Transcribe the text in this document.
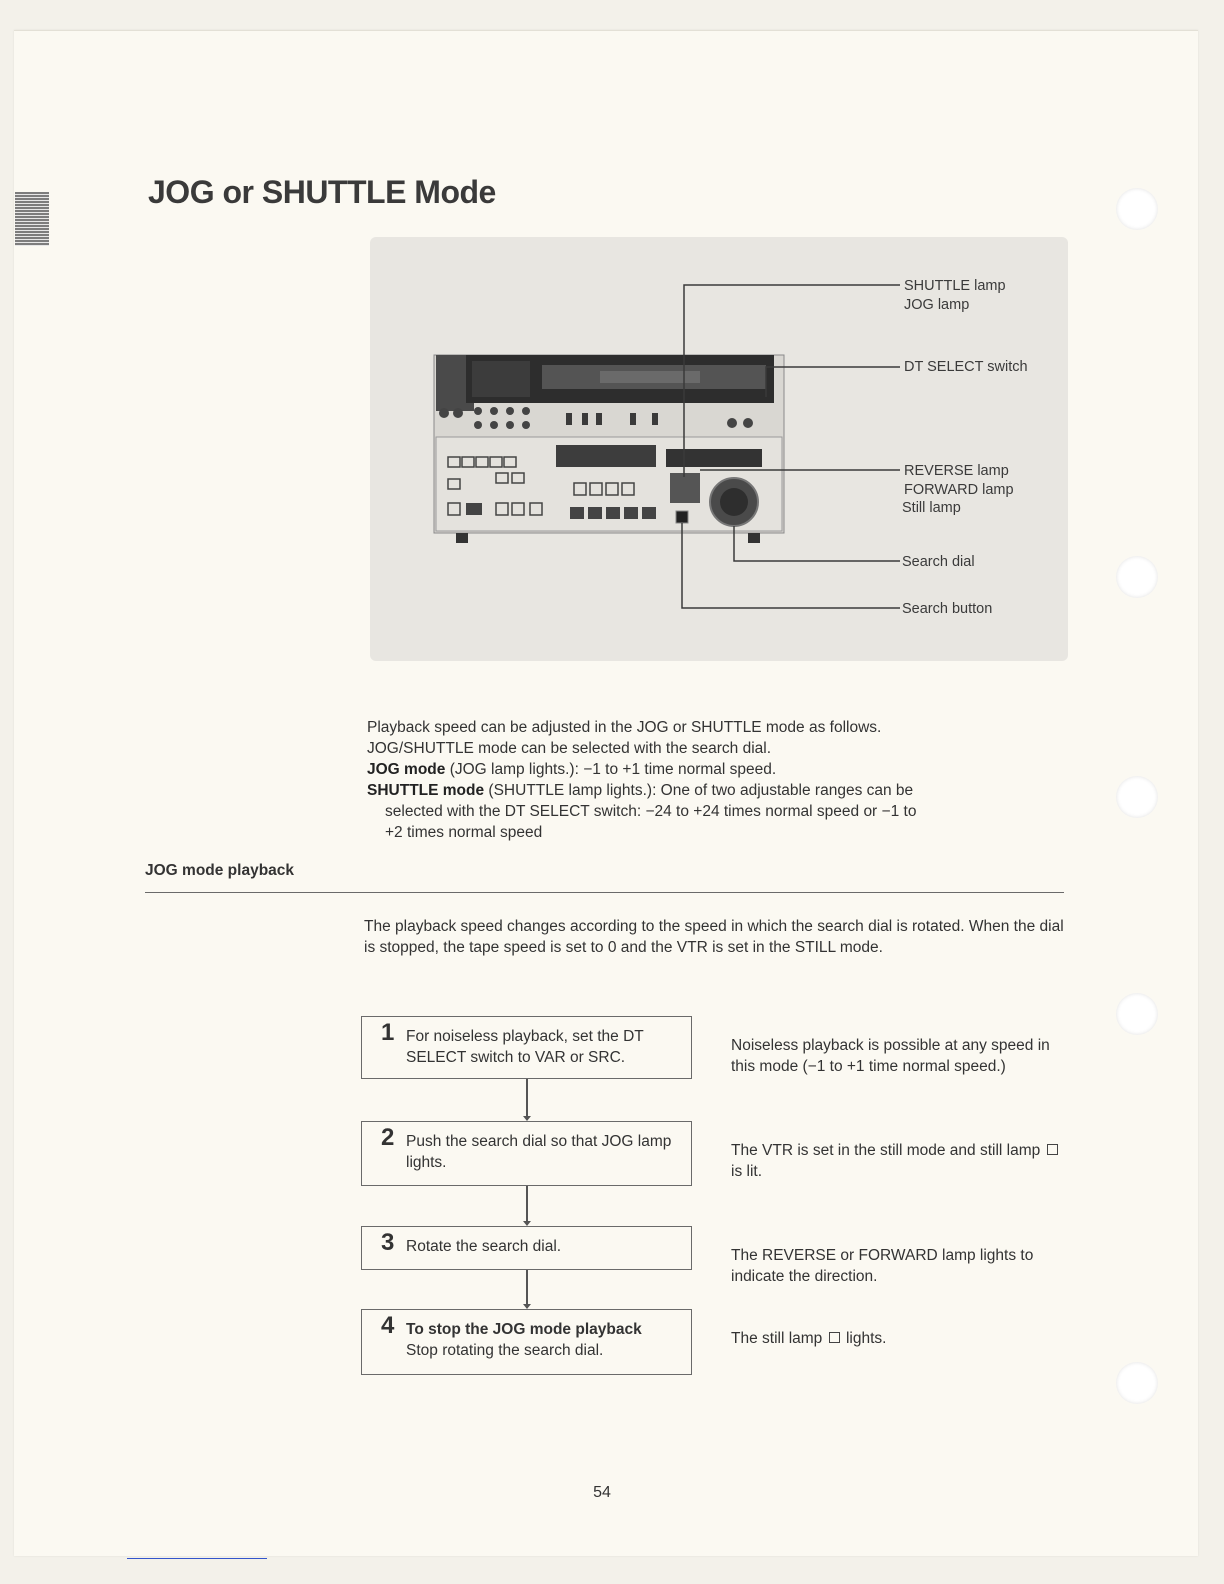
JOG or SHUTTLE Mode
SHUTTLE lamp
JOG lamp
DT SELECT switch
REVERSE lamp
FORWARD lamp
Still lamp
Search dial
Search button

Playback speed can be adjusted in the JOG or SHUTTLE mode as follows.

JOG/SHUTTLE mode can be selected with the search dial.

JOG mode (JOG lamp lights.): −1 to +1 time normal speed.

SHUTTLE mode (SHUTTLE lamp lights.): One of two adjustable ranges can be

selected with the DT SELECT switch: −24 to +24 times normal speed or −1 to

+2 times normal speed

JOG mode playback

The playback speed changes according to the speed in which the search dial is rotated. When the dial is stopped, the tape speed is set to 0 and the VTR is set in the STILL mode.

1 For noiseless playback, set the DT SELECT switch to VAR or SRC.

Noiseless playback is possible at any speed in this mode (−1 to +1 time normal speed.)

2 Push the search dial so that JOG lamp lights.

The VTR is set in the still mode and still lamp  is lit.

3 Rotate the search dial.

The REVERSE or FORWARD lamp lights to indicate the direction.

4 To stop the JOG mode playback
Stop rotating the search dial.

The still lamp lights.

54
